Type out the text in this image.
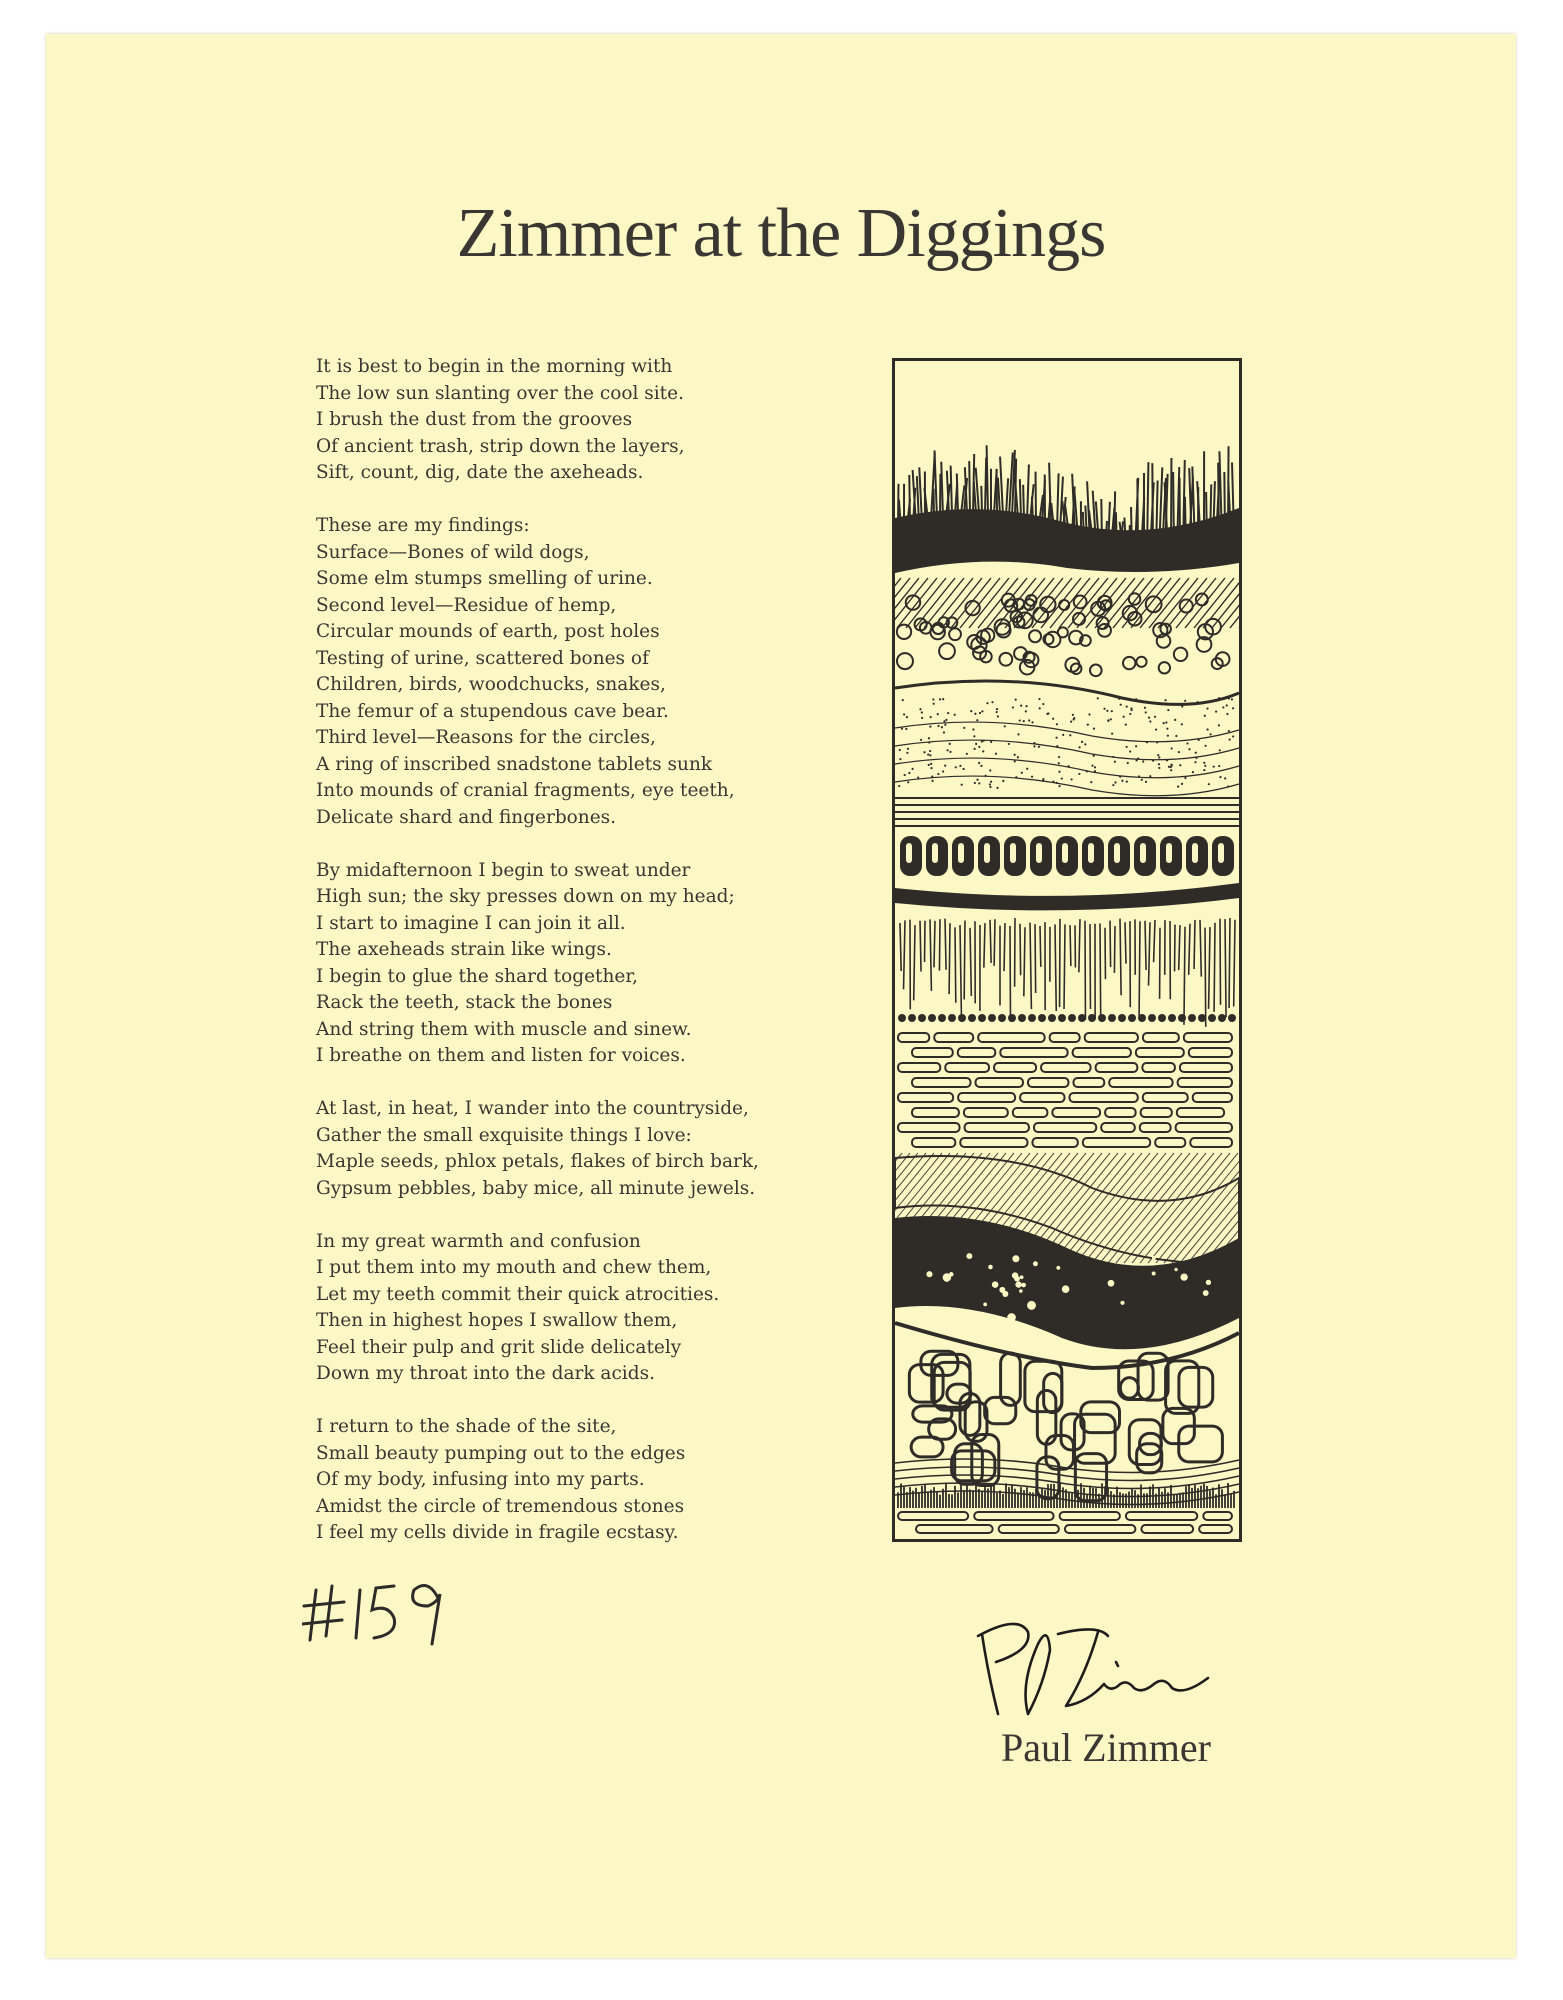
Zimmer at the Diggings
It is best to begin in the morning with
The low sun slanting over the cool site.
I brush the dust from the grooves
Of ancient trash, strip down the layers,
Sift, count, dig, date the axeheads.
These are my findings:
Surface—Bones of wild dogs,
Some elm stumps smelling of urine.
Second level—Residue of hemp,
Circular mounds of earth, post holes
Testing of urine, scattered bones of
Children, birds, woodchucks, snakes,
The femur of a stupendous cave bear.
Third level—Reasons for the circles,
A ring of inscribed snadstone tablets sunk
Into mounds of cranial fragments, eye teeth,
Delicate shard and fingerbones.
By midafternoon I begin to sweat under
High sun; the sky presses down on my head;
I start to imagine I can join it all.
The axeheads strain like wings.
I begin to glue the shard together,
Rack the teeth, stack the bones
And string them with muscle and sinew.
I breathe on them and listen for voices.
At last, in heat, I wander into the countryside,
Gather the small exquisite things I love:
Maple seeds, phlox petals, flakes of birch bark,
Gypsum pebbles, baby mice, all minute jewels.
In my great warmth and confusion
I put them into my mouth and chew them,
Let my teeth commit their quick atrocities.
Then in highest hopes I swallow them,
Feel their pulp and grit slide delicately
Down my throat into the dark acids.
I return to the shade of the site,
Small beauty pumping out to the edges
Of my body, infusing into my parts.
Amidst the circle of tremendous stones
I feel my cells divide in fragile ecstasy.
Paul Zimmer
